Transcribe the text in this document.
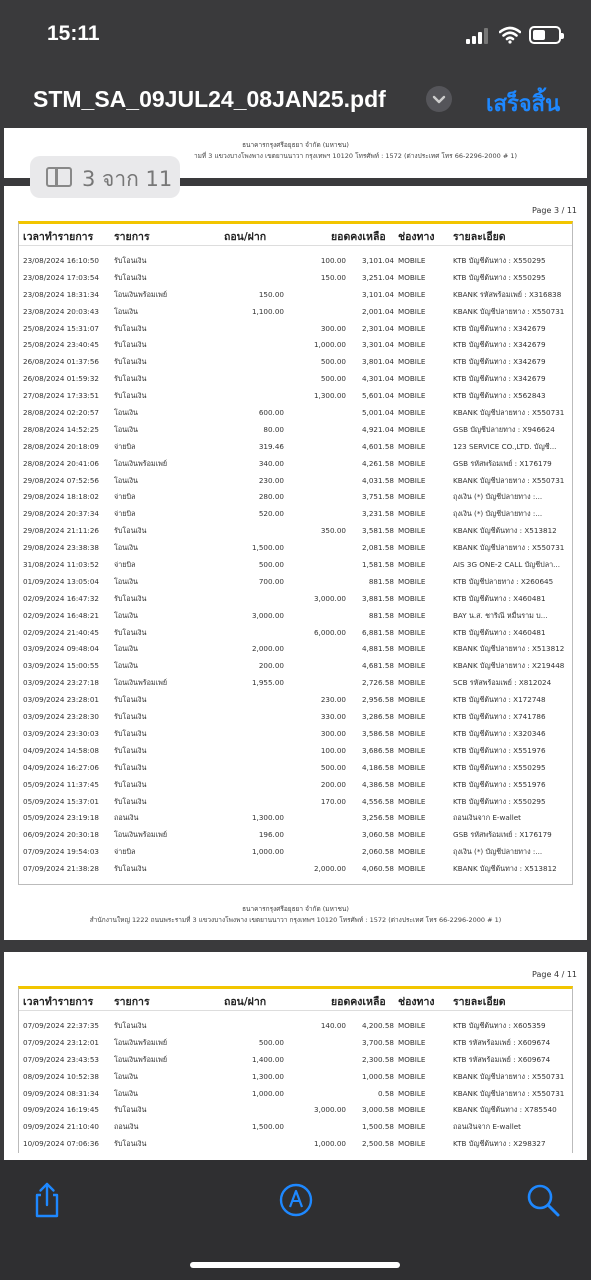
15:11
STM_SA_09JUL24_08JAN25.pdf	เสร็จสิ้น
ธนาคารกรุงศรีอยุธยา จำกัด (มหาชน)
ามที่ 3 แขวงบางโพงพาง เขตยานนาวา กรุงเทพฯ 10120 โทรศัพท์ : 1572 (ต่างประเทศ โทร 66-2296-2000 # 1)
Page 3 / 11
เวลาทำรายการ รายการ	ถอน/ฝาก	ยอดคงเหลือ ช่องทาง รายละเอียด
23/08/2024 16:10:50 รับโอนเงิน	100.00	3,101.04 MOBILE	KTB บัญชีต้นทาง : X550295
23/08/2024 17:03:54 รับโอนเงิน	150.00	3,251.04 MOBILE	KTB บัญชีต้นทาง : X550295
23/08/2024 18:31:34 โอนเงินพร้อมเพย์	150.00	3,101.04 MOBILE	KBANK รหัสพร้อมเพย์ : X316838
23/08/2024 20:03:43 โอนเงิน	1,100.00	2,001.04 MOBILE	KBANK บัญชีปลายทาง : X550731
25/08/2024 15:31:07 รับโอนเงิน	300.00	2,301.04 MOBILE	KTB บัญชีต้นทาง : X342679
25/08/2024 23:40:45 รับโอนเงิน	1,000.00	3,301.04 MOBILE	KTB บัญชีต้นทาง : X342679
26/08/2024 01:37:56 รับโอนเงิน	500.00	3,801.04 MOBILE	KTB บัญชีต้นทาง : X342679
26/08/2024 01:59:32 รับโอนเงิน	500.00	4,301.04 MOBILE	KTB บัญชีต้นทาง : X342679
27/08/2024 17:33:51 รับโอนเงิน	1,300.00	5,601.04 MOBILE	KTB บัญชีต้นทาง : X562843
28/08/2024 02:20:57 โอนเงิน	600.00	5,001.04 MOBILE	KBANK บัญชีปลายทาง : X550731
28/08/2024 14:52:25 โอนเงิน	80.00	4,921.04 MOBILE	GSB บัญชีปลายทาง : X946624
28/08/2024 20:18:09 จ่ายบิล	319.46	4,601.58 MOBILE	123 SERVICE CO.,LTD. บัญชี...
28/08/2024 20:41:06 โอนเงินพร้อมเพย์	340.00	4,261.58 MOBILE	GSB รหัสพร้อมเพย์ : X176179
29/08/2024 07:52:56 โอนเงิน	230.00	4,031.58 MOBILE	KBANK บัญชีปลายทาง : X550731
29/08/2024 18:18:02 จ่ายบิล	280.00	3,751.58 MOBILE	ถุงเงิน (*) บัญชีปลายทาง :...
29/08/2024 20:37:34 จ่ายบิล	520.00	3,231.58 MOBILE	ถุงเงิน (*) บัญชีปลายทาง :...
29/08/2024 21:11:26 รับโอนเงิน	350.00	3,581.58 MOBILE	KBANK บัญชีต้นทาง : X513812
29/08/2024 23:38:38 โอนเงิน	1,500.00	2,081.58 MOBILE	KBANK บัญชีปลายทาง : X550731
31/08/2024 11:03:52 จ่ายบิล	500.00	1,581.58 MOBILE	AIS 3G ONE-2 CALL บัญชีปลา...
01/09/2024 13:05:04 โอนเงิน	700.00	881.58 MOBILE	KTB บัญชีปลายทาง : X260645
02/09/2024 16:47:32 รับโอนเงิน	3,000.00	3,881.58 MOBILE	KTB บัญชีต้นทาง : X460481
02/09/2024 16:48:21 โอนเงิน	3,000.00	881.58 MOBILE	BAY น.ส. ชาริณี หมื่นราม บ...
02/09/2024 21:40:45 รับโอนเงิน	6,000.00	6,881.58 MOBILE	KTB บัญชีต้นทาง : X460481
03/09/2024 09:48:04 โอนเงิน	2,000.00	4,881.58 MOBILE	KBANK บัญชีปลายทาง : X513812
03/09/2024 15:00:55 โอนเงิน	200.00	4,681.58 MOBILE	KBANK บัญชีปลายทาง : X219448
03/09/2024 23:27:18 โอนเงินพร้อมเพย์	1,955.00	2,726.58 MOBILE	SCB รหัสพร้อมเพย์ : X812024
03/09/2024 23:28:01 รับโอนเงิน	230.00	2,956.58 MOBILE	KTB บัญชีต้นทาง : X172748
03/09/2024 23:28:30 รับโอนเงิน	330.00	3,286.58 MOBILE	KTB บัญชีต้นทาง : X741786
03/09/2024 23:30:03 รับโอนเงิน	300.00	3,586.58 MOBILE	KTB บัญชีต้นทาง : X320346
04/09/2024 14:58:08 รับโอนเงิน	100.00	3,686.58 MOBILE	KTB บัญชีต้นทาง : X551976
04/09/2024 16:27:06 รับโอนเงิน	500.00	4,186.58 MOBILE	KTB บัญชีต้นทาง : X550295
05/09/2024 11:37:45 รับโอนเงิน	200.00	4,386.58 MOBILE	KTB บัญชีต้นทาง : X551976
05/09/2024 15:37:01 รับโอนเงิน	170.00	4,556.58 MOBILE	KTB บัญชีต้นทาง : X550295
05/09/2024 23:19:18 ถอนเงิน	1,300.00	3,256.58 MOBILE	ถอนเงินจาก E-wallet
06/09/2024 20:30:18 โอนเงินพร้อมเพย์	196.00	3,060.58 MOBILE	GSB รหัสพร้อมเพย์ : X176179
07/09/2024 19:54:03 จ่ายบิล	1,000.00	2,060.58 MOBILE	ถุงเงิน (*) บัญชีปลายทาง :...
07/09/2024 21:38:28 รับโอนเงิน	2,000.00	4,060.58 MOBILE	KBANK บัญชีต้นทาง : X513812
ธนาคารกรุงศรีอยุธยา จำกัด (มหาชน)
สำนักงานใหญ่ 1222 ถนนพระรามที่ 3 แขวงบางโพงพาง เขตยานนาวา กรุงเทพฯ 10120 โทรศัพท์ : 1572 (ต่างประเทศ โทร 66-2296-2000 # 1)
Page 4 / 11
เวลาทำรายการ รายการ	ถอน/ฝาก	ยอดคงเหลือ ช่องทาง รายละเอียด
07/09/2024 22:37:35 รับโอนเงิน	140.00	4,200.58 MOBILE	KTB บัญชีต้นทาง : X605359
07/09/2024 23:12:01 โอนเงินพร้อมเพย์	500.00	3,700.58 MOBILE	KTB รหัสพร้อมเพย์ : X609674
07/09/2024 23:43:53 โอนเงินพร้อมเพย์	1,400.00	2,300.58 MOBILE	KTB รหัสพร้อมเพย์ : X609674
08/09/2024 10:52:38 โอนเงิน	1,300.00	1,000.58 MOBILE	KBANK บัญชีปลายทาง : X550731
09/09/2024 08:31:34 โอนเงิน	1,000.00	0.58 MOBILE	KBANK บัญชีปลายทาง : X550731
09/09/2024 16:19:45 รับโอนเงิน	3,000.00	3,000.58 MOBILE	KBANK บัญชีต้นทาง : X785540
09/09/2024 21:10:40 ถอนเงิน	1,500.00	1,500.58 MOBILE	ถอนเงินจาก E-wallet
10/09/2024 07:06:36 รับโอนเงิน	1,000.00	2,500.58 MOBILE	KTB บัญชีต้นทาง : X298327
3 จาก 11
